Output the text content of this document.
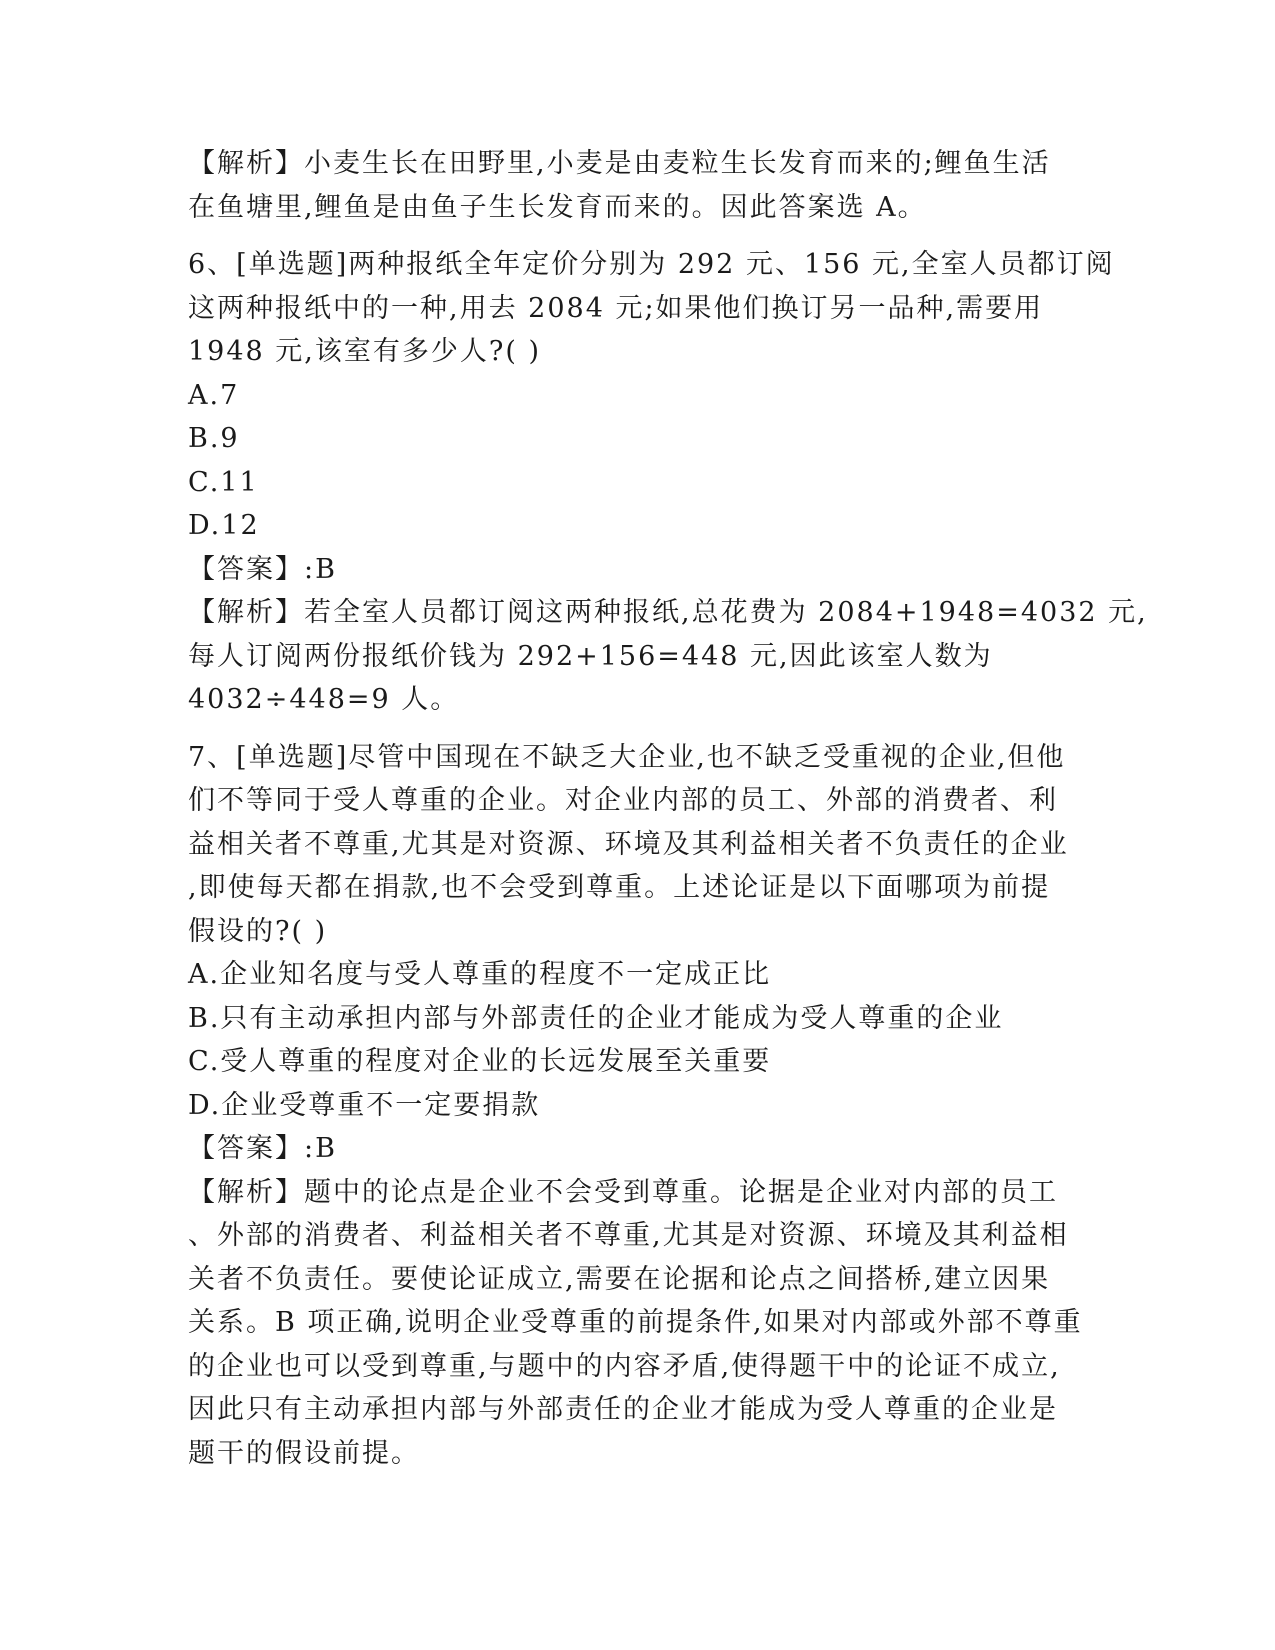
【解析】小麦生长在田野里,小麦是由麦粒生长发育而来的;鲤鱼生活
在鱼塘里,鲤鱼是由鱼子生长发育而来的。因此答案选 A。
6、[单选题]两种报纸全年定价分别为 292 元、156 元,全室人员都订阅
这两种报纸中的一种,用去 2084 元;如果他们换订另一品种,需要用
1948 元,该室有多少人?( )
A.7
B.9
C.11
D.12
【答案】:B
【解析】若全室人员都订阅这两种报纸,总花费为 2084+1948=4032 元,
每人订阅两份报纸价钱为 292+156=448 元,因此该室人数为
4032÷448=9 人。
7、[单选题]尽管中国现在不缺乏大企业,也不缺乏受重视的企业,但他
们不等同于受人尊重的企业。对企业内部的员工、外部的消费者、利
益相关者不尊重,尤其是对资源、环境及其利益相关者不负责任的企业
,即使每天都在捐款,也不会受到尊重。上述论证是以下面哪项为前提
假设的?( )
A.企业知名度与受人尊重的程度不一定成正比
B.只有主动承担内部与外部责任的企业才能成为受人尊重的企业
C.受人尊重的程度对企业的长远发展至关重要
D.企业受尊重不一定要捐款
【答案】:B
【解析】题中的论点是企业不会受到尊重。论据是企业对内部的员工
、外部的消费者、利益相关者不尊重,尤其是对资源、环境及其利益相
关者不负责任。要使论证成立,需要在论据和论点之间搭桥,建立因果
关系。B 项正确,说明企业受尊重的前提条件,如果对内部或外部不尊重
的企业也可以受到尊重,与题中的内容矛盾,使得题干中的论证不成立,
因此只有主动承担内部与外部责任的企业才能成为受人尊重的企业是
题干的假设前提。
